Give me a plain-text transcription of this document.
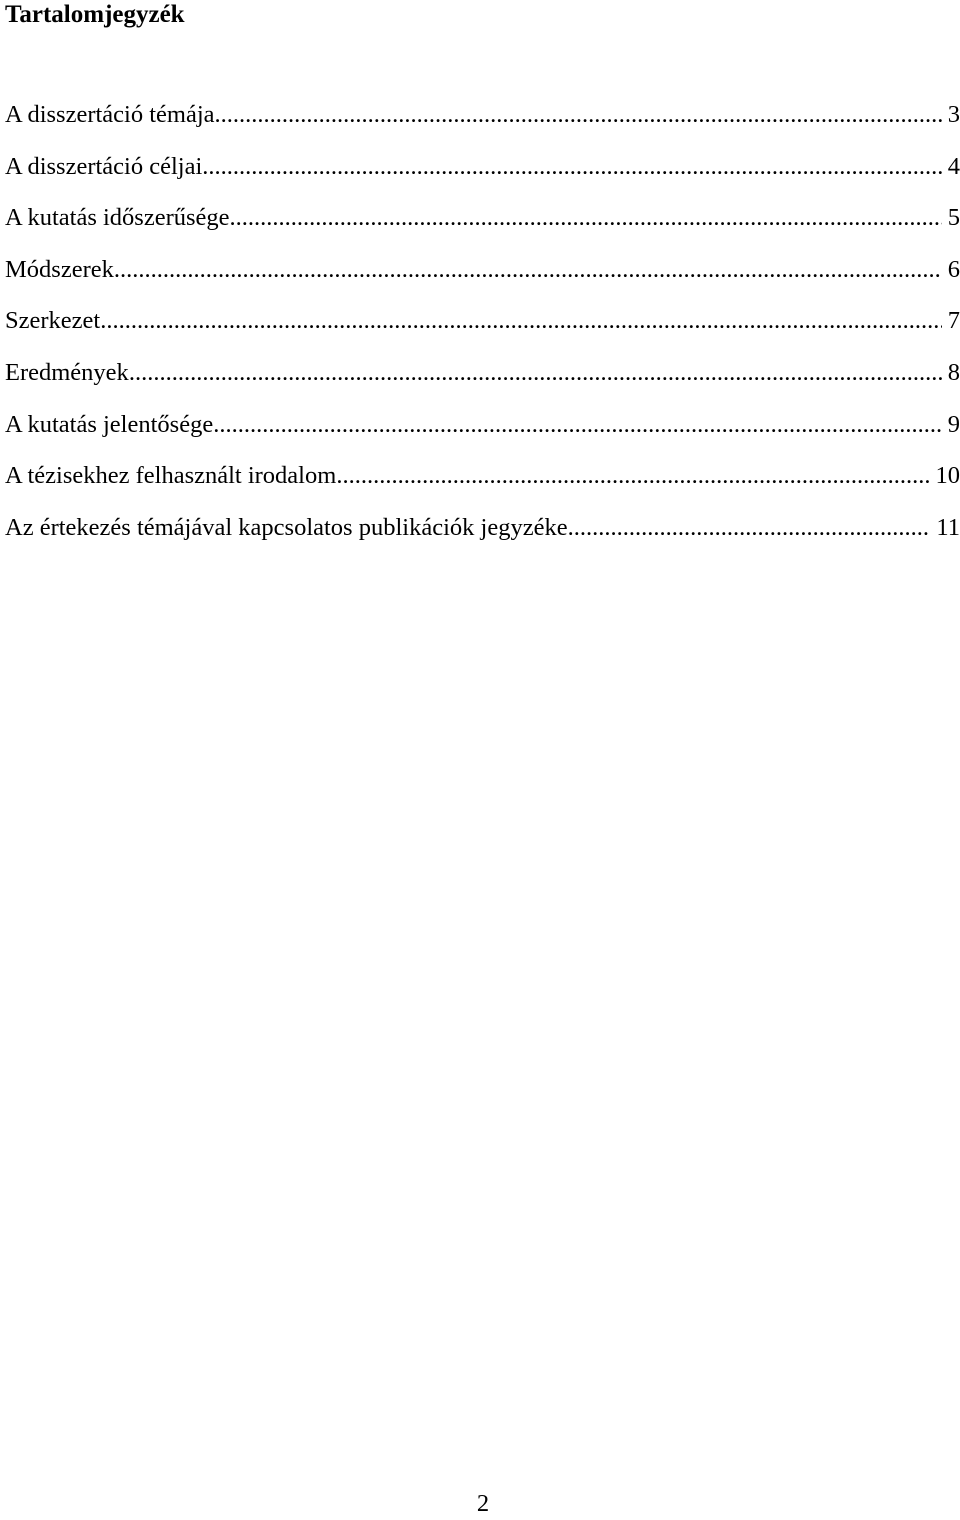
Tartalomjegyzék
A disszertáció témája .....	3
A disszertáció céljai .....	4
A kutatás időszerűsége .....	5
Módszerek .....	6
Szerkezet .....	7
Eredmények .....	8
A kutatás jelentősége .....	9
A tézisekhez felhasznált irodalom .....	10
Az értekezés témájával kapcsolatos publikációk jegyzéke .....	11
2
